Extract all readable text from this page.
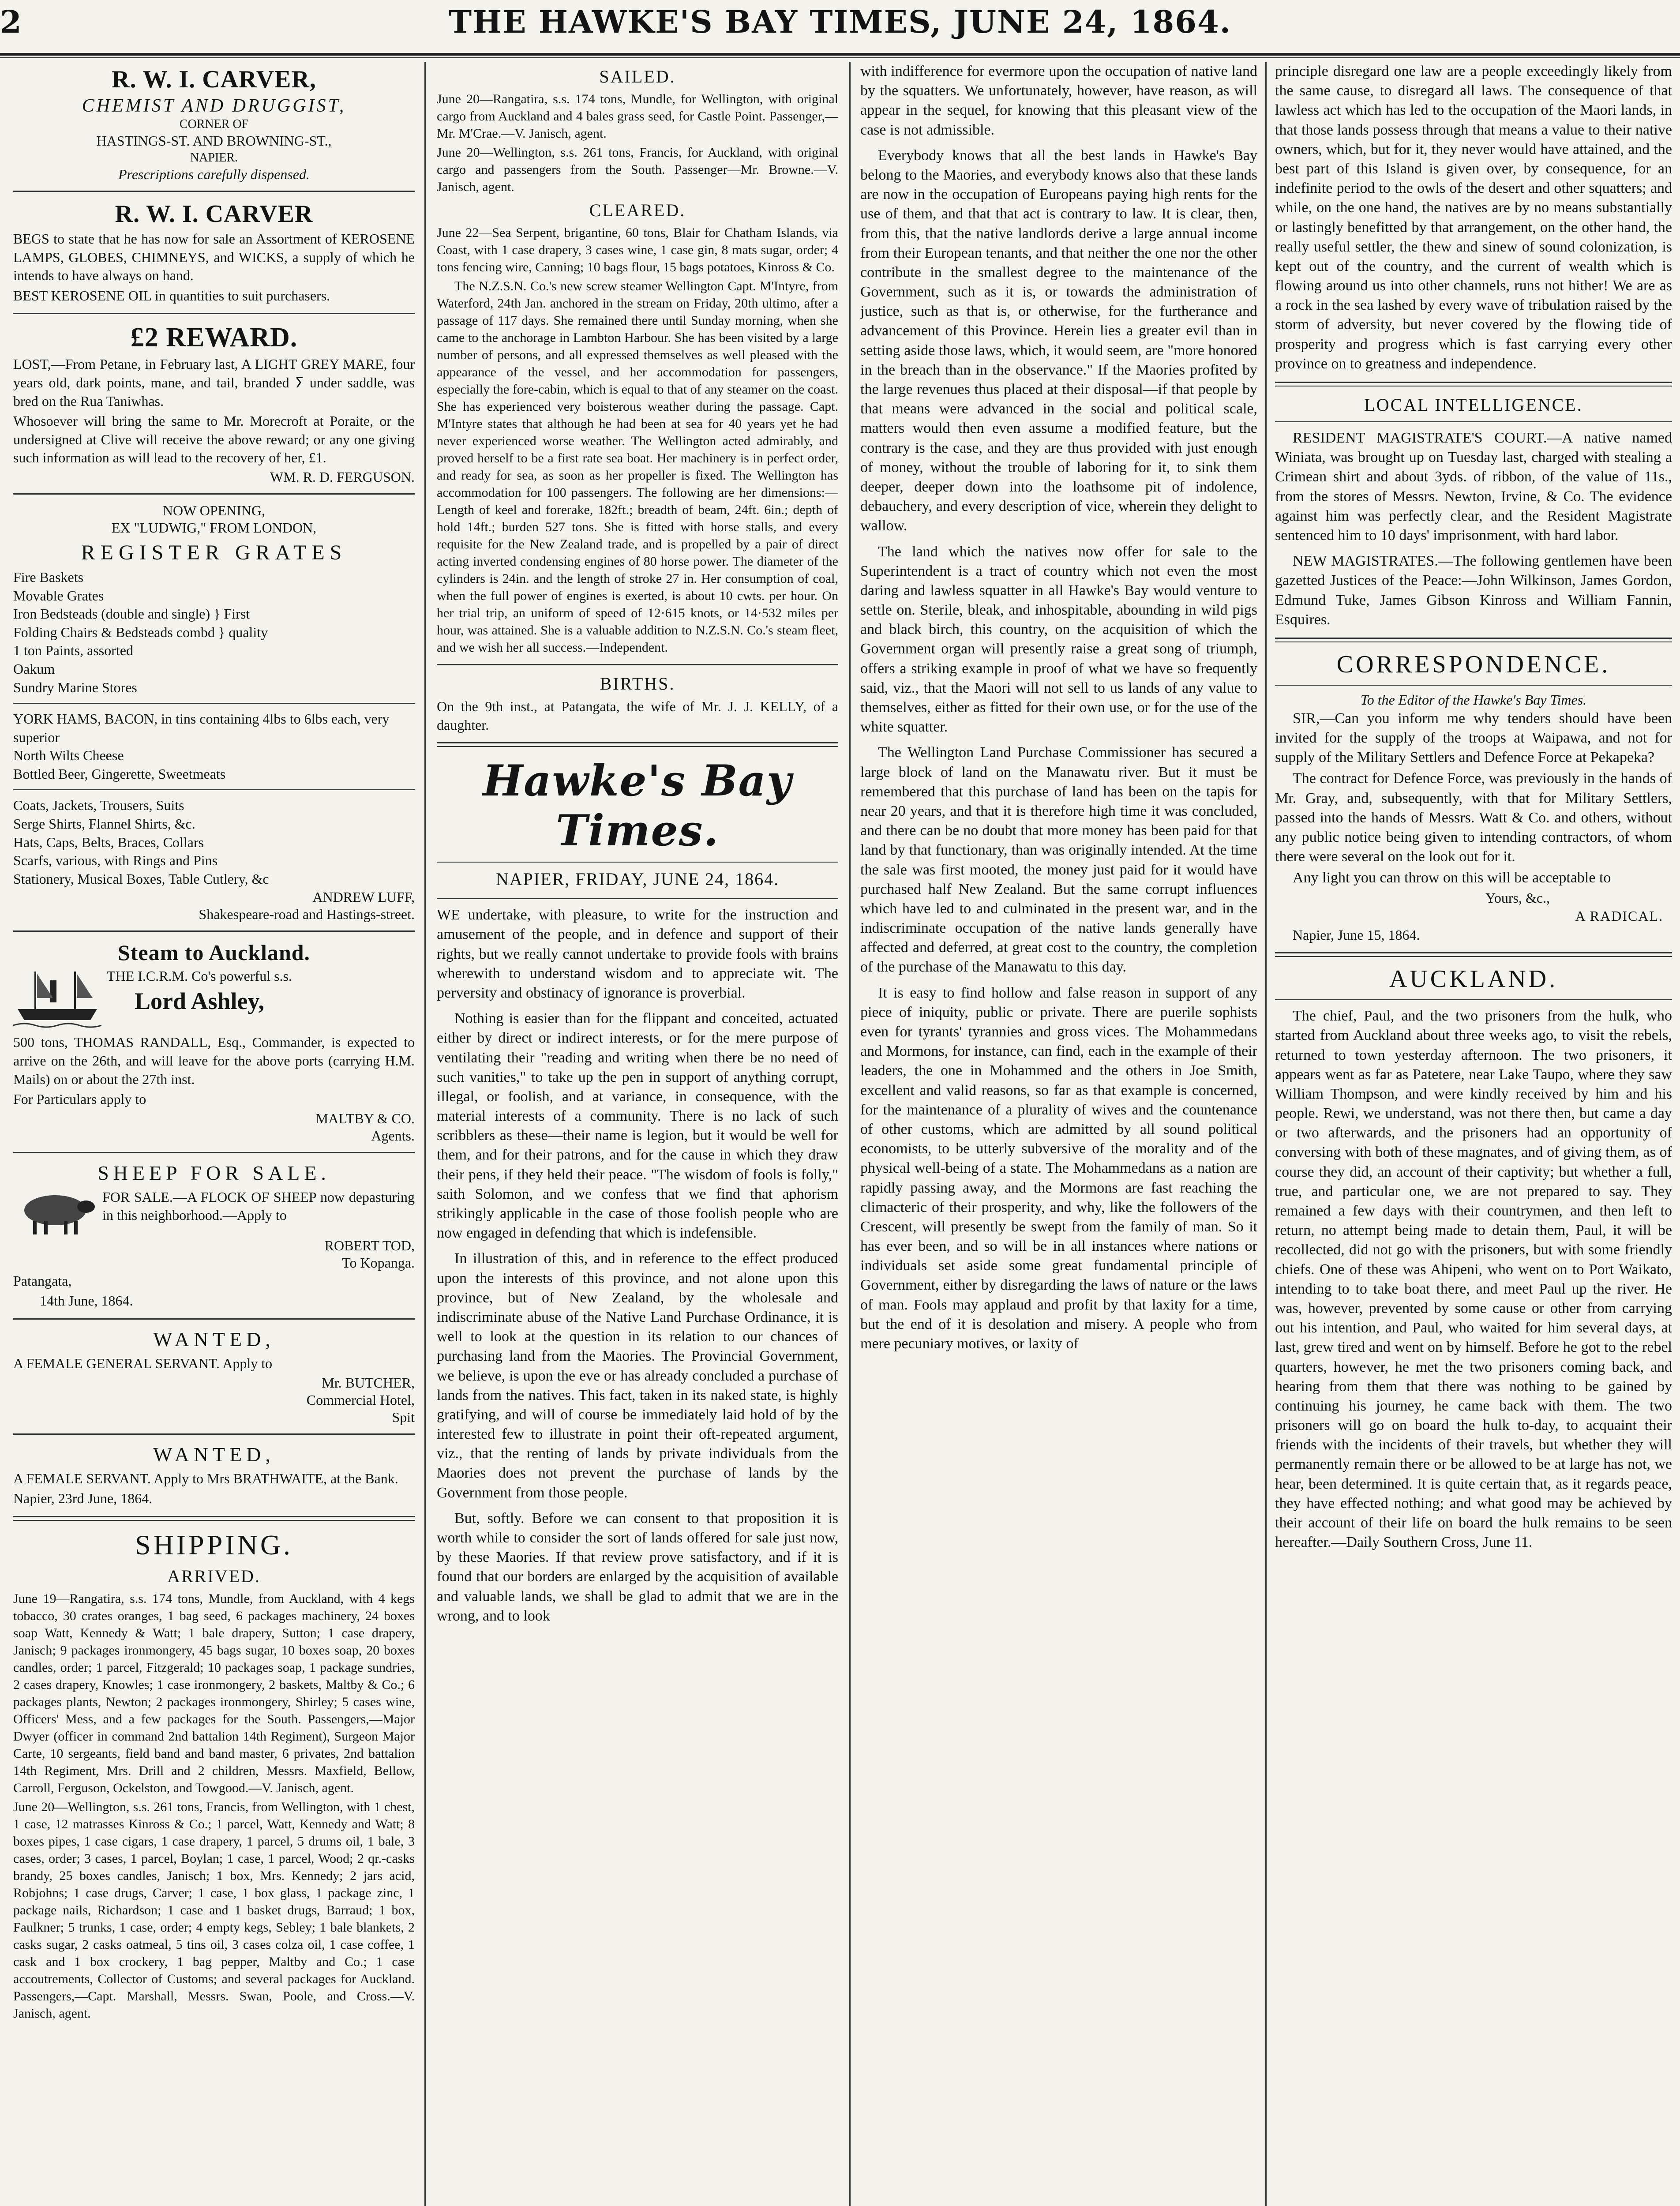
2	THE HAWKE'S BAY TIMES, JUNE 24, 1864.
R. W. I. CARVER,

CHEMIST AND DRUGGIST,

CORNER OF

HASTINGS-ST. AND BROWNING-ST.,

NAPIER.

Prescriptions carefully dispensed.

R. W. I. CARVER

BEGS to state that he has now for sale an Assortment of KEROSENE LAMPS, GLOBES, CHIMNEYS, and WICKS, a supply of which he intends to have always on hand.

BEST KEROSENE OIL in quantities to suit purchasers.

£2 REWARD.

LOST,—From Petane, in February last, A LIGHT GREY MARE, four years old, dark points, mane, and tail, branded ⵢ under saddle, was bred on the Rua Taniwhas.

Whosoever will bring the same to Mr. Morecroft at Poraite, or the undersigned at Clive will receive the above reward; or any one giving such information as will lead to the recovery of her, £1.

WM. R. D. FERGUSON.

NOW OPENING,

EX "LUDWIG," FROM LONDON,

REGISTER GRATES

Fire Baskets

Movable Grates

Iron Bedsteads (double and single) } First

Folding Chairs & Bedsteads combd } quality

1 ton Paints, assorted

Oakum

Sundry Marine Stores

YORK HAMS, BACON, in tins containing 4lbs to 6lbs each, very superior

North Wilts Cheese

Bottled Beer, Gingerette, Sweetmeats

Coats, Jackets, Trousers, Suits

Serge Shirts, Flannel Shirts, &c.

Hats, Caps, Belts, Braces, Collars

Scarfs, various, with Rings and Pins

Stationery, Musical Boxes, Table Cutlery, &c

ANDREW LUFF,

Shakespeare-road and Hastings-street.

Steam to Auckland.

THE I.C.R.M. Co's powerful s.s.

Lord Ashley,

500 tons, THOMAS RANDALL, Esq., Commander, is expected to arrive on the 26th, and will leave for the above ports (carrying H.M. Mails) on or about the 27th inst.

For Particulars apply to

MALTBY & CO.

Agents.

SHEEP FOR SALE.

FOR SALE.—A FLOCK OF SHEEP now depasturing in this neighborhood.—Apply to

ROBERT TOD,

To Kopanga.

Patangata,

14th June, 1864.

WANTED,

A FEMALE GENERAL SERVANT. Apply to

Mr. BUTCHER,

Commercial Hotel,

Spit

WANTED,

A FEMALE SERVANT. Apply to Mrs BRATHWAITE, at the Bank.

Napier, 23rd June, 1864.

SHIPPING.

ARRIVED.

June 19—Rangatira, s.s. 174 tons, Mundle, from Auckland, with 4 kegs tobacco, 30 crates oranges, 1 bag seed, 6 packages machinery, 24 boxes soap Watt, Kennedy & Watt; 1 bale drapery, Sutton; 1 case drapery, Janisch; 9 packages ironmongery, 45 bags sugar, 10 boxes soap, 20 boxes candles, order; 1 parcel, Fitzgerald; 10 packages soap, 1 package sundries, 2 cases drapery, Knowles; 1 case ironmongery, 2 baskets, Maltby & Co.; 6 packages plants, Newton; 2 packages ironmongery, Shirley; 5 cases wine, Officers' Mess, and a few packages for the South. Passengers,—Major Dwyer (officer in command 2nd battalion 14th Regiment), Surgeon Major Carte, 10 sergeants, field band and band master, 6 privates, 2nd battalion 14th Regiment, Mrs. Drill and 2 children, Messrs. Maxfield, Bellow, Carroll, Ferguson, Ockelston, and Towgood.—V. Janisch, agent.

June 20—Wellington, s.s. 261 tons, Francis, from Wellington, with 1 chest, 1 case, 12 matrasses Kinross & Co.; 1 parcel, Watt, Kennedy and Watt; 8 boxes pipes, 1 case cigars, 1 case drapery, 1 parcel, 5 drums oil, 1 bale, 3 cases, order; 3 cases, 1 parcel, Boylan; 1 case, 1 parcel, Wood; 2 qr.-casks brandy, 25 boxes candles, Janisch; 1 box, Mrs. Kennedy; 2 jars acid, Robjohns; 1 case drugs, Carver; 1 case, 1 box glass, 1 package zinc, 1 package nails, Richardson; 1 case and 1 basket drugs, Barraud; 1 box, Faulkner; 5 trunks, 1 case, order; 4 empty kegs, Sebley; 1 bale blankets, 2 casks sugar, 2 casks oatmeal, 5 tins oil, 3 cases colza oil, 1 case coffee, 1 cask and 1 box crockery, 1 bag pepper, Maltby and Co.; 1 case accoutrements, Collector of Customs; and several packages for Auckland. Passengers,—Capt. Marshall, Messrs. Swan, Poole, and Cross.—V. Janisch, agent.

SAILED.

June 20—Rangatira, s.s. 174 tons, Mundle, for Wellington, with original cargo from Auckland and 4 bales grass seed, for Castle Point. Passenger,—Mr. M'Crae.—V. Janisch, agent.

June 20—Wellington, s.s. 261 tons, Francis, for Auckland, with original cargo and passengers from the South. Passenger—Mr. Browne.—V. Janisch, agent.

CLEARED.

June 22—Sea Serpent, brigantine, 60 tons, Blair for Chatham Islands, via Coast, with 1 case drapery, 3 cases wine, 1 case gin, 8 mats sugar, order; 4 tons fencing wire, Canning; 10 bags flour, 15 bags potatoes, Kinross & Co.

The N.Z.S.N. Co.'s new screw steamer Wellington Capt. M'Intyre, from Waterford, 24th Jan. anchored in the stream on Friday, 20th ultimo, after a passage of 117 days. She remained there until Sunday morning, when she came to the anchorage in Lambton Harbour. She has been visited by a large number of persons, and all expressed themselves as well pleased with the appearance of the vessel, and her accommodation for passengers, especially the fore-cabin, which is equal to that of any steamer on the coast. She has experienced very boisterous weather during the passage. Capt. M'Intyre states that although he had been at sea for 40 years yet he had never experienced worse weather. The Wellington acted admirably, and proved herself to be a first rate sea boat. Her machinery is in perfect order, and ready for sea, as soon as her propeller is fixed. The Wellington has accommodation for 100 passengers. The following are her dimensions:—Length of keel and forerake, 182ft.; breadth of beam, 24ft. 6in.; depth of hold 14ft.; burden 527 tons. She is fitted with horse stalls, and every requisite for the New Zealand trade, and is propelled by a pair of direct acting inverted condensing engines of 80 horse power. The diameter of the cylinders is 24in. and the length of stroke 27 in. Her consumption of coal, when the full power of engines is exerted, is about 10 cwts. per hour. On her trial trip, an uniform of speed of 12·615 knots, or 14·532 miles per hour, was attained. She is a valuable addition to N.Z.S.N. Co.'s steam fleet, and we wish her all success.—Independent.

BIRTHS.

On the 9th inst., at Patangata, the wife of Mr. J. J. KELLY, of a daughter.

Hawke's Bay Times.

NAPIER, FRIDAY, JUNE 24, 1864.

WE undertake, with pleasure, to write for the instruction and amusement of the people, and in defence and support of their rights, but we really cannot undertake to provide fools with brains wherewith to understand wisdom and to appreciate wit. The perversity and obstinacy of ignorance is proverbial.

Nothing is easier than for the flippant and conceited, actuated either by direct or indirect interests, or for the mere purpose of ventilating their "reading and writing when there be no need of such vanities," to take up the pen in support of anything corrupt, illegal, or foolish, and at variance, in consequence, with the material interests of a community. There is no lack of such scribblers as these—their name is legion, but it would be well for them, and for their patrons, and for the cause in which they draw their pens, if they held their peace. "The wisdom of fools is folly," saith Solomon, and we confess that we find that aphorism strikingly applicable in the case of those foolish people who are now engaged in defending that which is indefensible.

In illustration of this, and in reference to the effect produced upon the interests of this province, and not alone upon this province, but of New Zealand, by the wholesale and indiscriminate abuse of the Native Land Purchase Ordinance, it is well to look at the question in its relation to our chances of purchasing land from the Maories. The Provincial Government, we believe, is upon the eve or has already concluded a purchase of lands from the natives. This fact, taken in its naked state, is highly gratifying, and will of course be immediately laid hold of by the interested few to illustrate in point their oft-repeated argument, viz., that the renting of lands by private individuals from the Maories does not prevent the purchase of lands by the Government from those people.

But, softly. Before we can consent to that proposition it is worth while to consider the sort of lands offered for sale just now, by these Maories. If that review prove satisfactory, and if it is found that our borders are enlarged by the acquisition of available and valuable lands, we shall be glad to admit that we are in the wrong, and to look

with indifference for evermore upon the occupation of native land by the squatters. We unfortunately, however, have reason, as will appear in the sequel, for knowing that this pleasant view of the case is not admissible.

Everybody knows that all the best lands in Hawke's Bay belong to the Maories, and everybody knows also that these lands are now in the occupation of Europeans paying high rents for the use of them, and that that act is contrary to law. It is clear, then, from this, that the native landlords derive a large annual income from their European tenants, and that neither the one nor the other contribute in the smallest degree to the maintenance of the Government, such as it is, or towards the administration of justice, such as that is, or otherwise, for the furtherance and advancement of this Province. Herein lies a greater evil than in setting aside those laws, which, it would seem, are "more honored in the breach than in the observance." If the Maories profited by the large revenues thus placed at their disposal—if that people by that means were advanced in the social and political scale, matters would then even assume a modified feature, but the contrary is the case, and they are thus provided with just enough of money, without the trouble of laboring for it, to sink them deeper, deeper down into the loathsome pit of indolence, debauchery, and every description of vice, wherein they delight to wallow.

The land which the natives now offer for sale to the Superintendent is a tract of country which not even the most daring and lawless squatter in all Hawke's Bay would venture to settle on. Sterile, bleak, and inhospitable, abounding in wild pigs and black birch, this country, on the acquisition of which the Government organ will presently raise a great song of triumph, offers a striking example in proof of what we have so frequently said, viz., that the Maori will not sell to us lands of any value to themselves, either as fitted for their own use, or for the use of the white squatter.

The Wellington Land Purchase Commissioner has secured a large block of land on the Manawatu river. But it must be remembered that this purchase of land has been on the tapis for near 20 years, and that it is therefore high time it was concluded, and there can be no doubt that more money has been paid for that land by that functionary, than was originally intended. At the time the sale was first mooted, the money just paid for it would have purchased half New Zealand. But the same corrupt influences which have led to and culminated in the present war, and in the indiscriminate occupation of the native lands generally have affected and deferred, at great cost to the country, the completion of the purchase of the Manawatu to this day.

It is easy to find hollow and false reason in support of any piece of iniquity, public or private. There are puerile sophists even for tyrants' tyrannies and gross vices. The Mohammedans and Mormons, for instance, can find, each in the example of their leaders, the one in Mohammed and the others in Joe Smith, excellent and valid reasons, so far as that example is concerned, for the maintenance of a plurality of wives and the countenance of other customs, which are admitted by all sound political economists, to be utterly subversive of the morality and of the physical well-being of a state. The Mohammedans as a nation are rapidly passing away, and the Mormons are fast reaching the climacteric of their prosperity, and why, like the followers of the Crescent, will presently be swept from the family of man. So it has ever been, and so will be in all instances where nations or individuals set aside some great fundamental principle of Government, either by disregarding the laws of nature or the laws of man. Fools may applaud and profit by that laxity for a time, but the end of it is desolation and misery. A people who from mere pecuniary motives, or laxity of

principle disregard one law are a people exceedingly likely from the same cause, to disregard all laws. The consequence of that lawless act which has led to the occupation of the Maori lands, in that those lands possess through that means a value to their native owners, which, but for it, they never would have attained, and the best part of this Island is given over, by consequence, for an indefinite period to the owls of the desert and other squatters; and while, on the one hand, the natives are by no means substantially or lastingly benefitted by that arrangement, on the other hand, the really useful settler, the thew and sinew of sound colonization, is kept out of the country, and the current of wealth which is flowing around us into other channels, runs not hither! We are as a rock in the sea lashed by every wave of tribulation raised by the storm of adversity, but never covered by the flowing tide of prosperity and progress which is fast carrying every other province on to greatness and independence.

LOCAL INTELLIGENCE.

RESIDENT MAGISTRATE'S COURT.—A native named Winiata, was brought up on Tuesday last, charged with stealing a Crimean shirt and about 3yds. of ribbon, of the value of 11s., from the stores of Messrs. Newton, Irvine, & Co. The evidence against him was perfectly clear, and the Resident Magistrate sentenced him to 10 days' imprisonment, with hard labor.

NEW MAGISTRATES.—The following gentlemen have been gazetted Justices of the Peace:—John Wilkinson, James Gordon, Edmund Tuke, James Gibson Kinross and William Fannin, Esquires.

CORRESPONDENCE.

To the Editor of the Hawke's Bay Times.

SIR,—Can you inform me why tenders should have been invited for the supply of the troops at Waipawa, and not for supply of the Military Settlers and Defence Force at Pekapeka?

The contract for Defence Force, was previously in the hands of Mr. Gray, and, subsequently, with that for Military Settlers, passed into the hands of Messrs. Watt & Co. and others, without any public notice being given to intending contractors, of whom there were several on the look out for it.

Any light you can throw on this will be acceptable to

Yours, &c.,

A RADICAL.

Napier, June 15, 1864.

AUCKLAND.

The chief, Paul, and the two prisoners from the hulk, who started from Auckland about three weeks ago, to visit the rebels, returned to town yesterday afternoon. The two prisoners, it appears went as far as Patetere, near Lake Taupo, where they saw William Thompson, and were kindly received by him and his people. Rewi, we understand, was not there then, but came a day or two afterwards, and the prisoners had an opportunity of conversing with both of these magnates, and of giving them, as of course they did, an account of their captivity; but whether a full, true, and particular one, we are not prepared to say. They remained a few days with their countrymen, and then left to return, no attempt being made to detain them, Paul, it will be recollected, did not go with the prisoners, but with some friendly chiefs. One of these was Ahipeni, who went on to Port Waikato, intending to to take boat there, and meet Paul up the river. He was, however, prevented by some cause or other from carrying out his intention, and Paul, who waited for him several days, at last, grew tired and went on by himself. Before he got to the rebel quarters, however, he met the two prisoners coming back, and hearing from them that there was nothing to be gained by continuing his journey, he came back with them. The two prisoners will go on board the hulk to-day, to acquaint their friends with the incidents of their travels, but whether they will permanently remain there or be allowed to be at large has not, we hear, been determined. It is quite certain that, as it regards peace, they have effected nothing; and what good may be achieved by their account of their life on board the hulk remains to be seen hereafter.—Daily Southern Cross, June 11.
